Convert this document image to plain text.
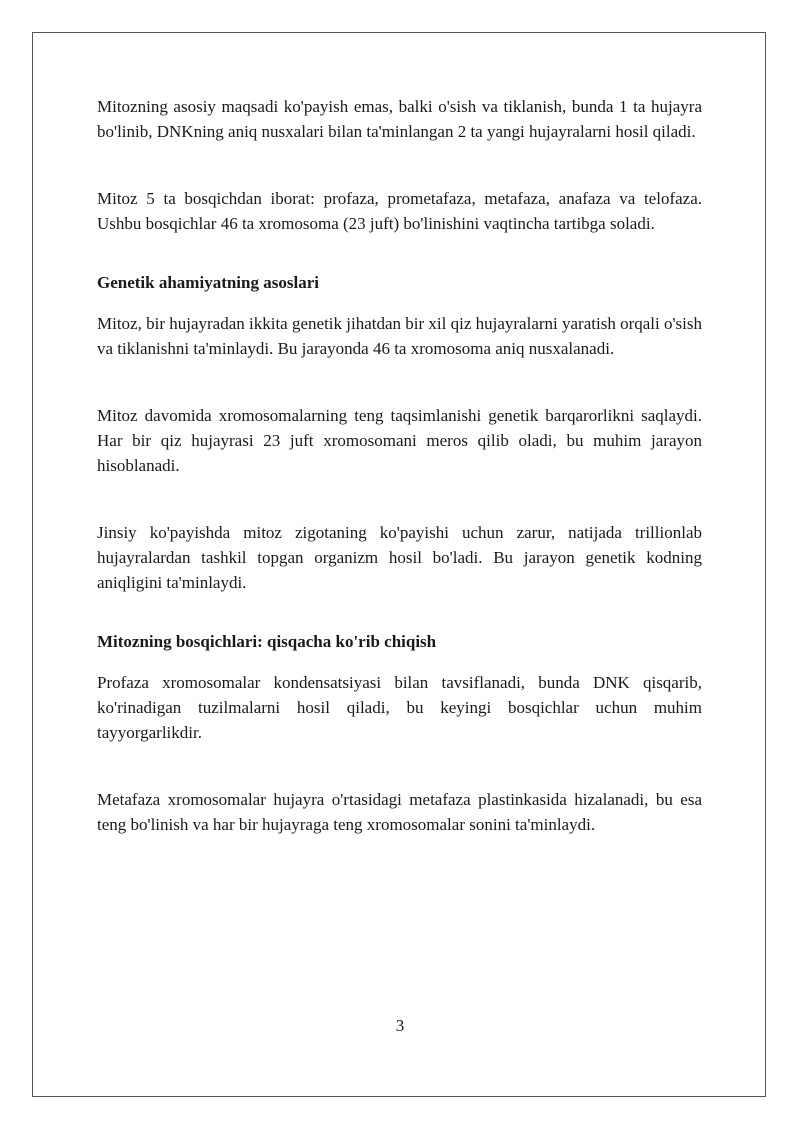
Mitozning asosiy maqsadi ko'payish emas, balki o'sish va tiklanish, bunda 1 ta hujayra bo'linib, DNKning aniq nusxalari bilan ta'minlangan 2 ta yangi hujayralarni hosil qiladi.

Mitoz 5 ta bosqichdan iborat: profaza, prometafaza, metafaza, anafaza va telofaza. Ushbu bosqichlar 46 ta xromosoma (23 juft) bo'linishini vaqtincha tartibga soladi.

Genetik ahamiyatning asoslari

Mitoz, bir hujayradan ikkita genetik jihatdan bir xil qiz hujayralarni yaratish orqali o'sish va tiklanishni ta'minlaydi. Bu jarayonda 46 ta xromosoma aniq nusxalanadi.

Mitoz davomida xromosomalarning teng taqsimlanishi genetik barqarorlikni saqlaydi. Har bir qiz hujayrasi 23 juft xromosomani meros qilib oladi, bu muhim jarayon hisoblanadi.

Jinsiy ko'payishda mitoz zigotaning ko'payishi uchun zarur, natijada trillionlab hujayralardan tashkil topgan organizm hosil bo'ladi. Bu jarayon genetik kodning aniqligini ta'minlaydi.

Mitozning bosqichlari: qisqacha ko'rib chiqish

Profaza xromosomalar kondensatsiyasi bilan tavsiflanadi, bunda DNK qisqarib, ko'rinadigan tuzilmalarni hosil qiladi, bu keyingi bosqichlar uchun muhim tayyorgarlikdir.

Metafaza xromosomalar hujayra o'rtasidagi metafaza plastinkasida hizalanadi, bu esa teng bo'linish va har bir hujayraga teng xromosomalar sonini ta'minlaydi.

3
